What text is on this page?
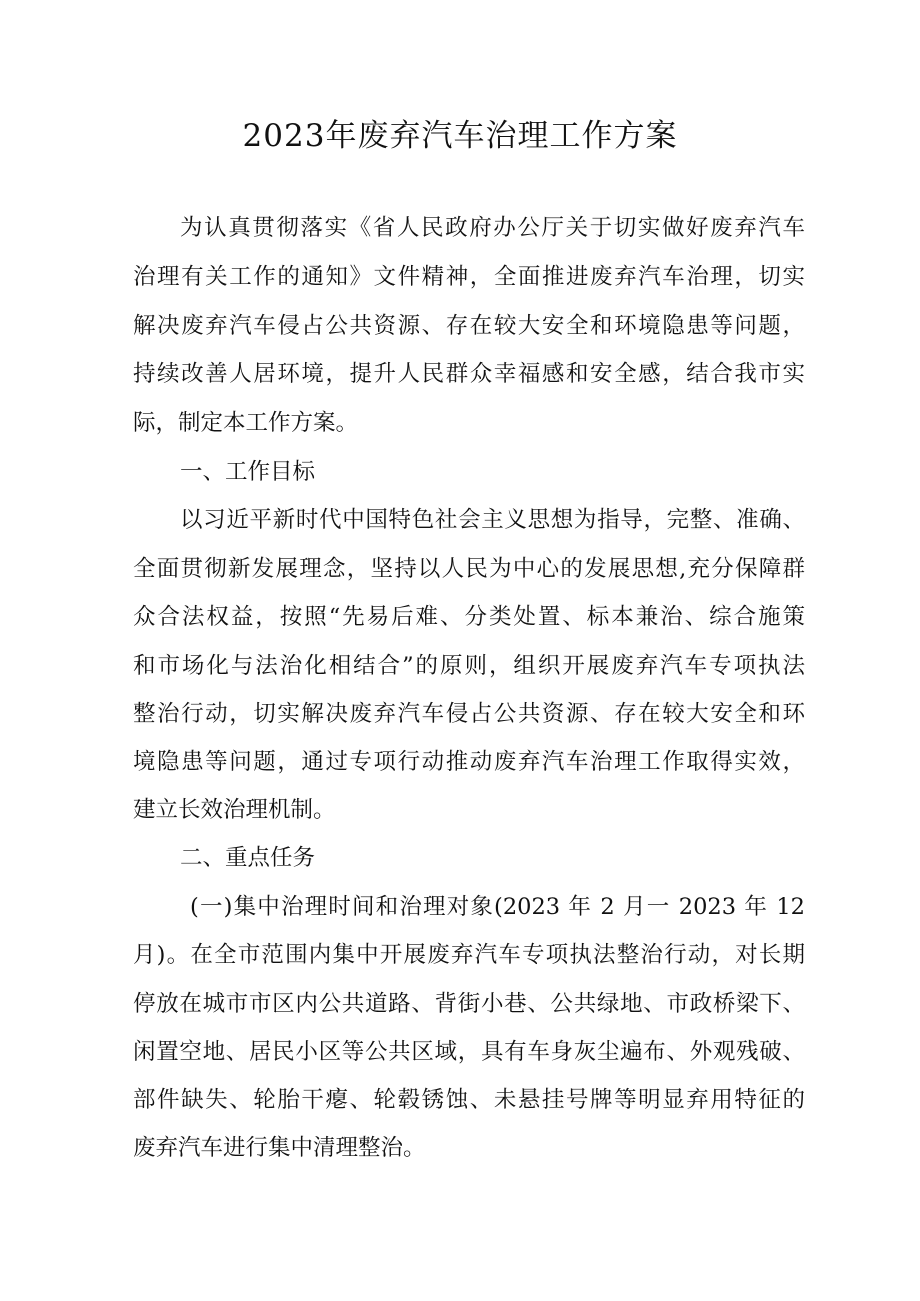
2023年废弃汽车治理工作方案

为认真贯彻落实《省人民政府办公厅关于切实做好废弃汽车

治理有关工作的通知》文件精神，全面推进废弃汽车治理，切实

解决废弃汽车侵占公共资源、存在较大安全和环境隐患等问题，

持续改善人居环境，提升人民群众幸福感和安全感，结合我市实

际，制定本工作方案。

一、工作目标

以习近平新时代中国特色社会主义思想为指导，完整、准确、

全面贯彻新发展理念，坚持以人民为中心的发展思想,充分保障群

众合法权益，按照“先易后难、分类处置、标本兼治、综合施策

和市场化与法治化相结合”的原则，组织开展废弃汽车专项执法

整治行动，切实解决废弃汽车侵占公共资源、存在较大安全和环

境隐患等问题，通过专项行动推动废弃汽车治理工作取得实效，

建立长效治理机制。

二、重点任务

(一)集中治理时间和治理对象(2023 年 2 月一 2023 年 12

月)。在全市范围内集中开展废弃汽车专项执法整治行动，对长期

停放在城市市区内公共道路、背街小巷、公共绿地、市政桥梁下、

闲置空地、居民小区等公共区域，具有车身灰尘遍布、外观残破、

部件缺失、轮胎干瘪、轮毂锈蚀、未悬挂号牌等明显弃用特征的

废弃汽车进行集中清理整治。
